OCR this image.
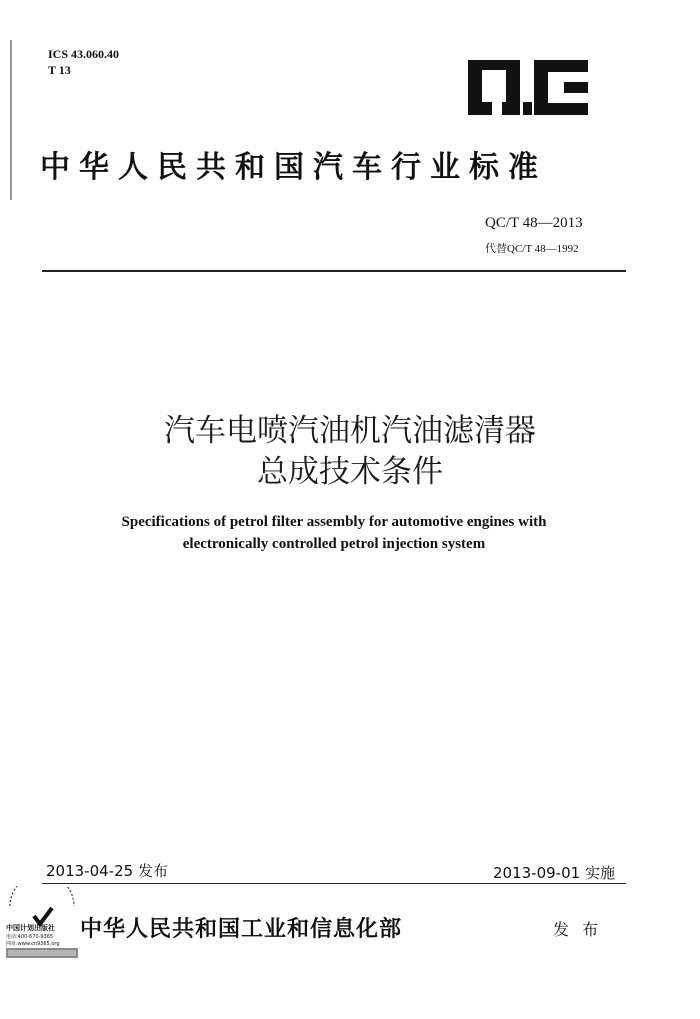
ICS 43.060.40
T 13
中华人民共和国汽车行业标准
QC/T 48—2013
代替QC/T 48—1992
汽车电喷汽油机汽油滤清器
总成技术条件
Specifications of petrol filter assembly for automotive engines with
electronically controlled petrol injection system
2013-04-25 发布	2013-09-01 实施
中国计划出版社
电话:400-670-9365
网址:www.cn9365.org
中华人民共和国工业和信息化部	发 布
